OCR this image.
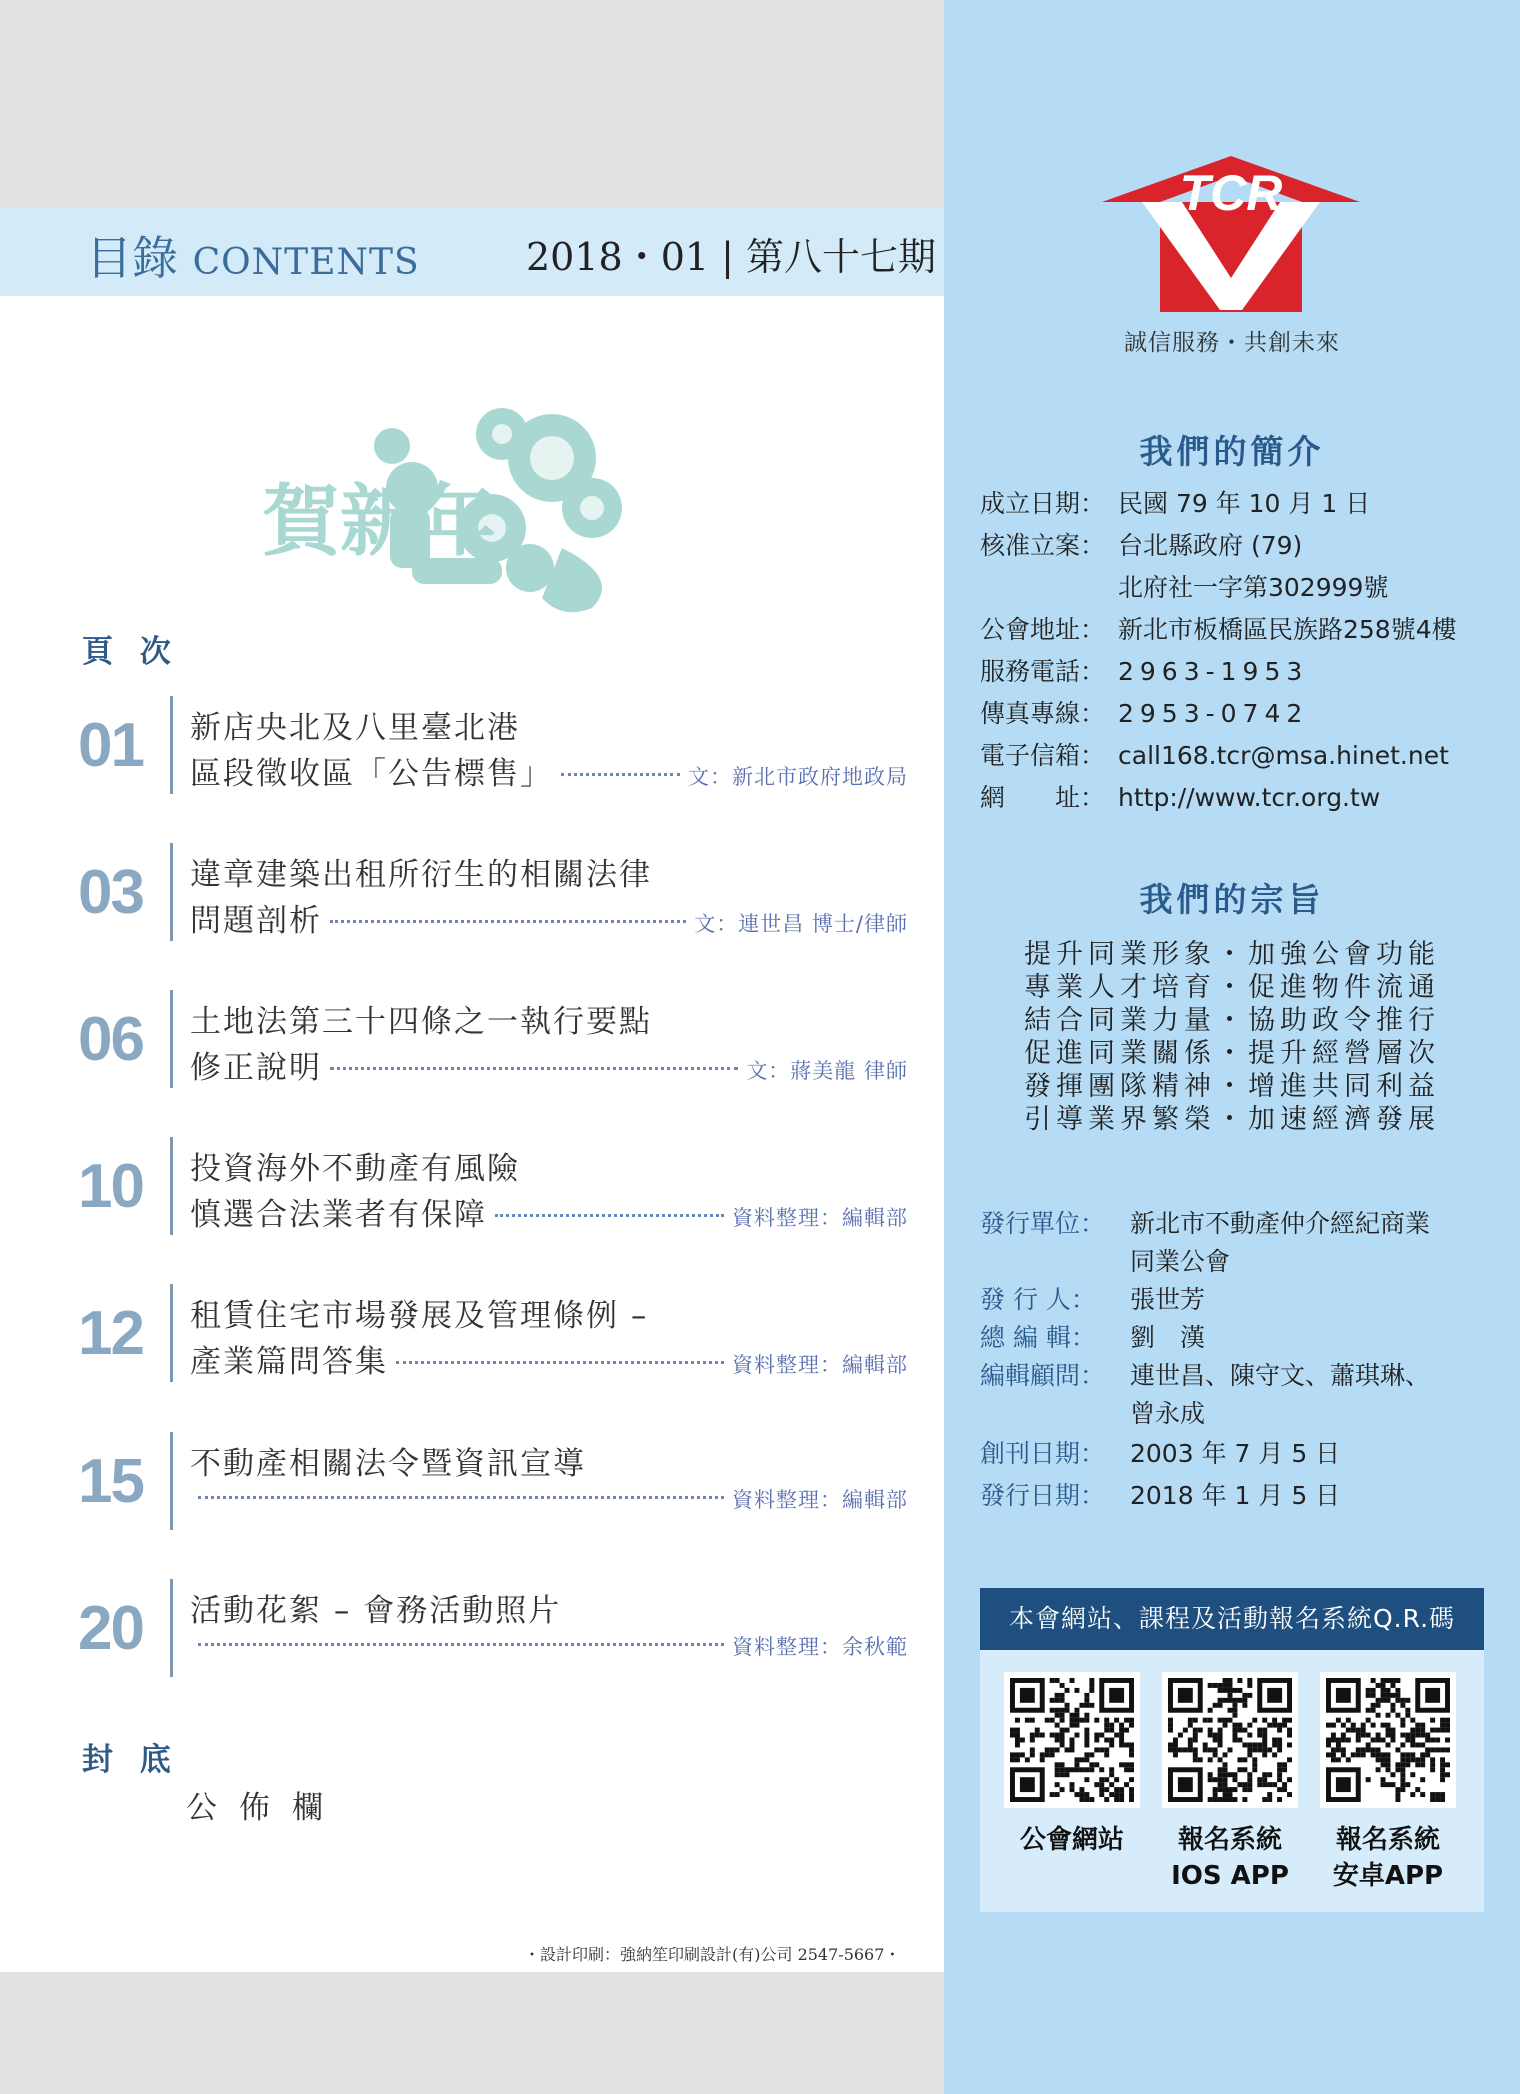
目錄 CONTENTS	2018・01 | 第八十七期
賀新年
頁 次
01	新店央北及八里臺北港
區段徵收區「公告標售」	文：新北市政府地政局
03	違章建築出租所衍生的相關法律
問題剖析	文：連世昌 博士/律師
06	土地法第三十四條之一執行要點
修正說明	文：蔣美龍 律師
10	投資海外不動產有風險
慎選合法業者有保障	資料整理：編輯部
12	租賃住宅市場發展及管理條例 –
產業篇問答集	資料整理：編輯部
15	不動產相關法令暨資訊宣導
資料整理：編輯部
20	活動花絮 – 會務活動照片
資料整理：余秋範
封 底
公佈欄
・設計印刷：強納笙印刷設計(有)公司 2547-5667・
TCR
誠信服務・共創未來
我們的簡介
成立日期： 民國 79 年 10 月 1 日
核准立案： 台北縣政府 (79)
北府社一字第302999號
公會地址： 新北市板橋區民族路258號4樓
服務電話： 2963-1953
傳真專線： 2953-0742
電子信箱： call168.tcr@msa.hinet.net
網　　址： http://www.tcr.org.tw
我們的宗旨
提升同業形象・加強公會功能
專業人才培育・促進物件流通
結合同業力量・協助政令推行
促進同業關係・提升經營層次
發揮團隊精神・增進共同利益
引導業界繁榮・加速經濟發展
發行單位： 新北市不動產仲介經紀商業
同業公會
發 行 人： 張世芳
總 編 輯： 劉　漢
編輯顧問： 連世昌、陳守文、蕭琪琳、
曾永成
創刊日期： 2003 年 7 月 5 日
發行日期： 2018 年 1 月 5 日
本會網站、課程及活動報名系統Q.R.碼
公會網站	報名系統
IOS APP
報名系統
安卓APP
